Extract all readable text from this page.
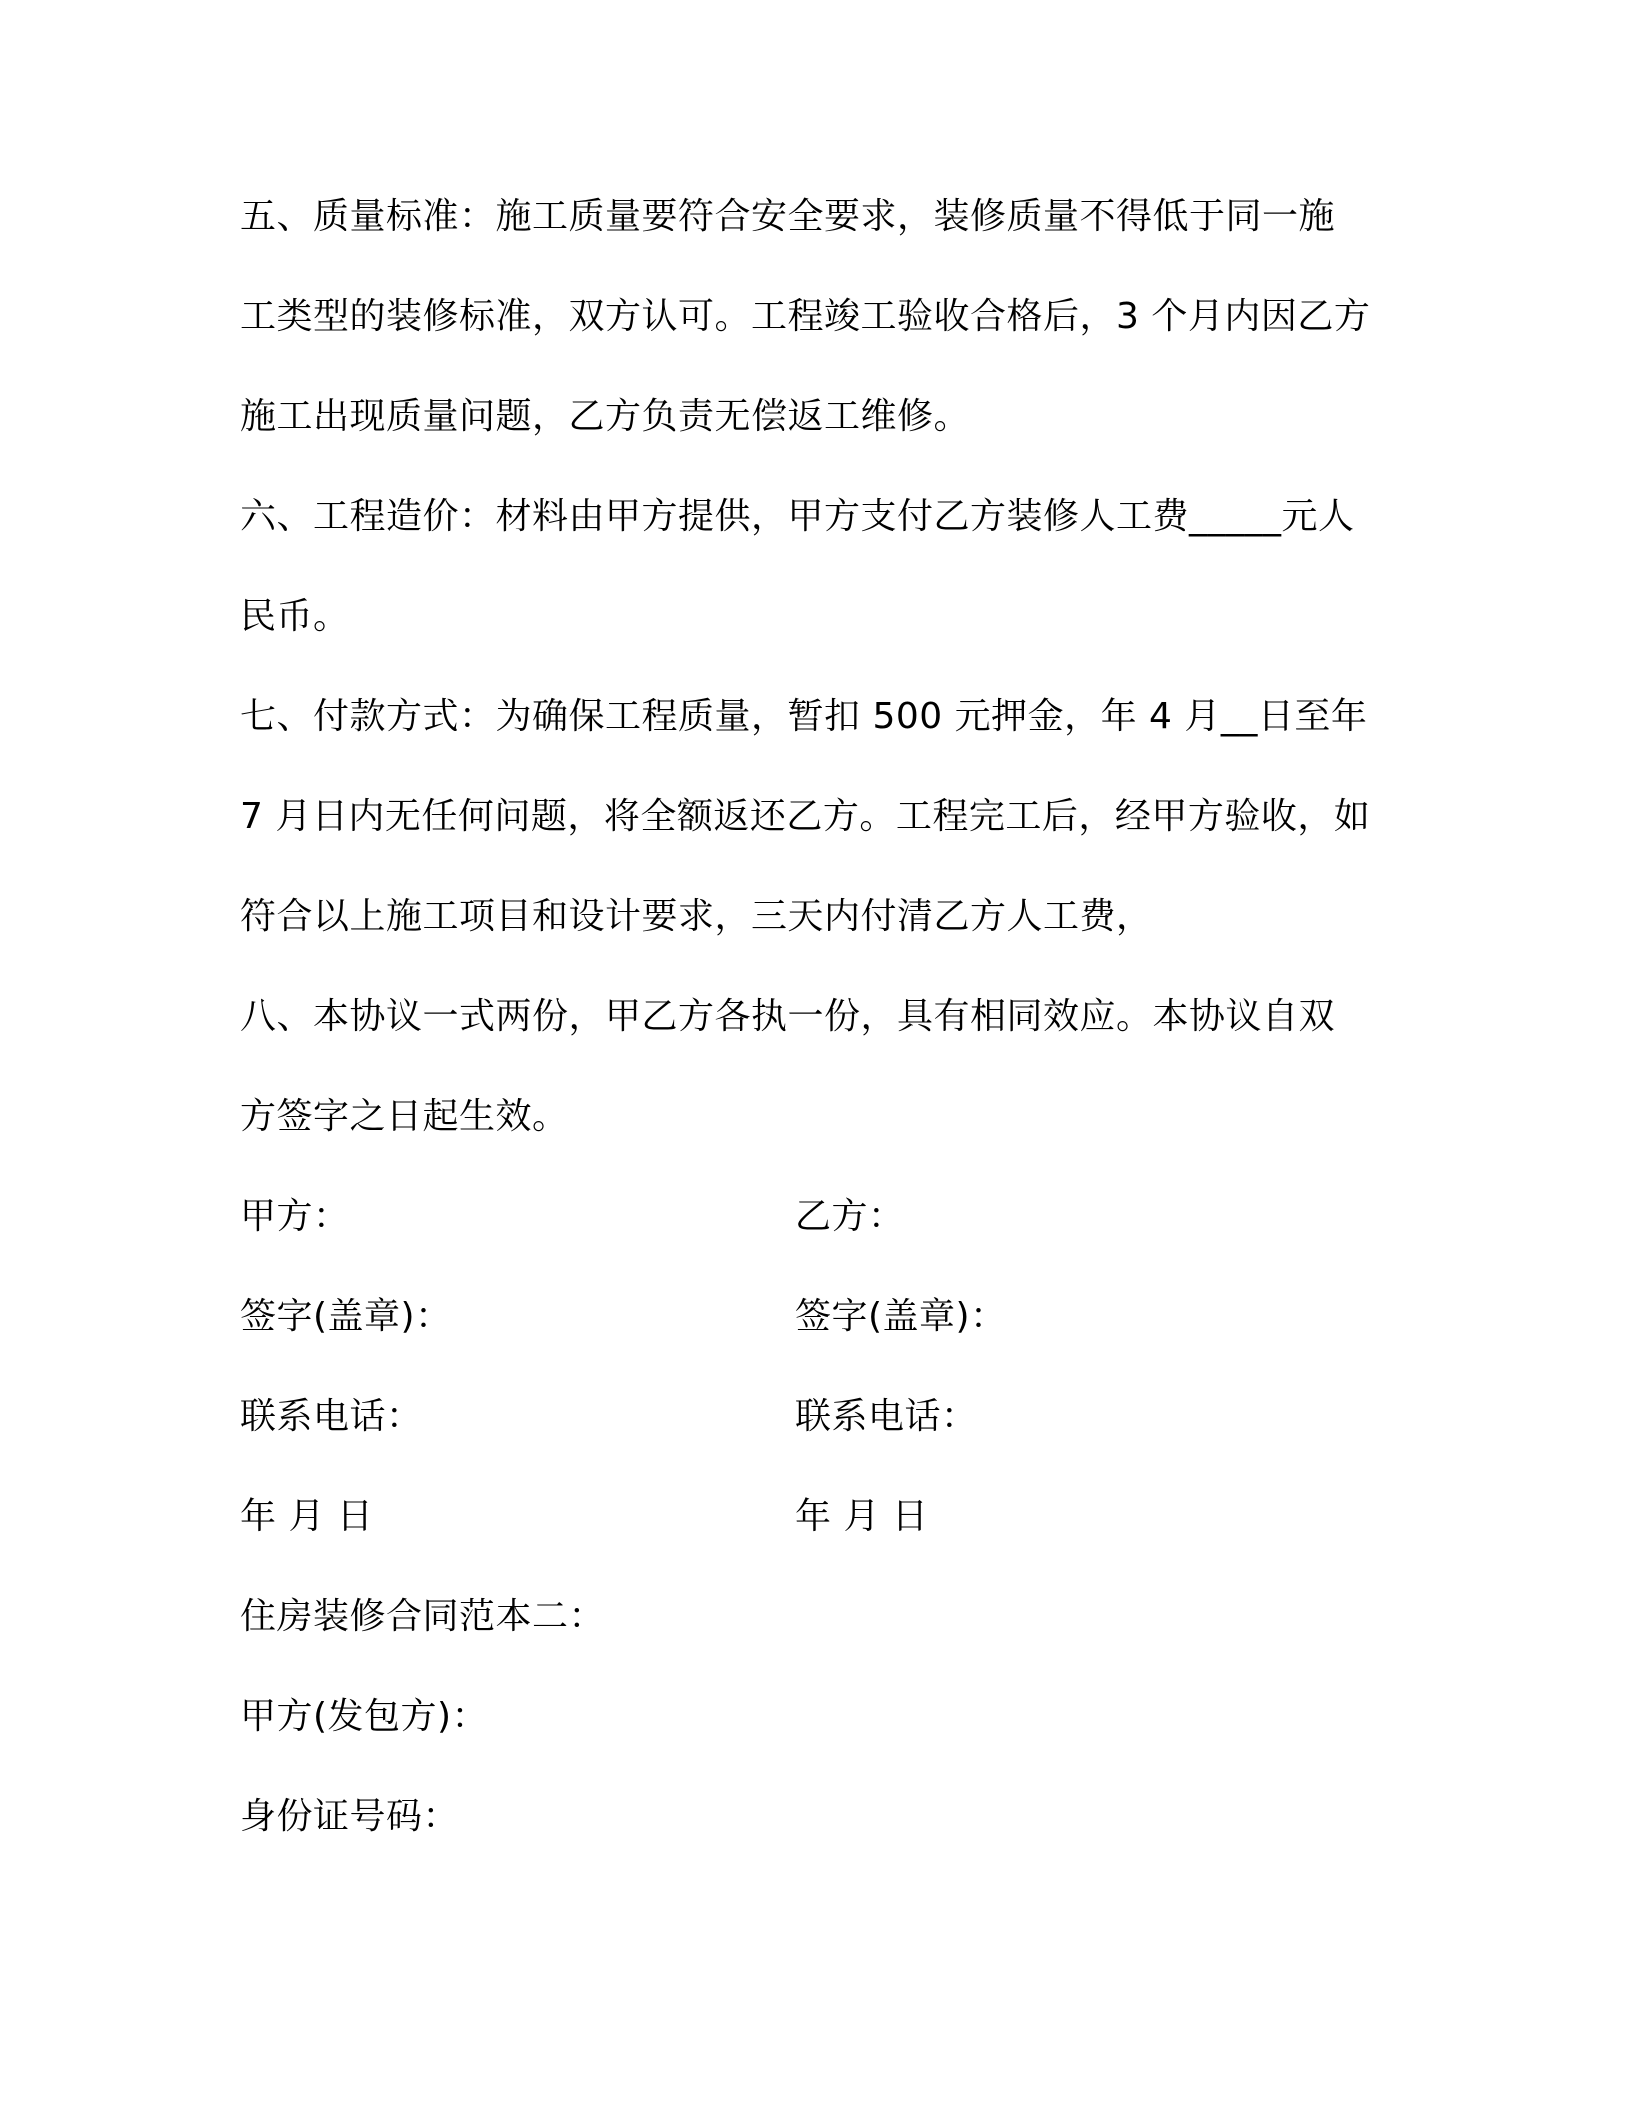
五、质量标准：施工质量要符合安全要求，装修质量不得低于同一施
工类型的装修标准，双方认可。工程竣工验收合格后，3 个月内因乙方
施工出现质量问题，乙方负责无偿返工维修。
六、工程造价：材料由甲方提供，甲方支付乙方装修人工费_____元人
民币。
七、付款方式：为确保工程质量，暂扣 500 元押金，年 4 月__日至年
7 月日内无任何问题，将全额返还乙方。工程完工后，经甲方验收，如
符合以上施工项目和设计要求，三天内付清乙方人工费，
八、本协议一式两份，甲乙方各执一份，具有相同效应。本协议自双
方签字之日起生效。
甲方：
签字(盖章)：
联系电话：
年 月 日
乙方：
签字(盖章)：
联系电话：
年 月 日
住房装修合同范本二：
甲方(发包方)：
身份证号码：
